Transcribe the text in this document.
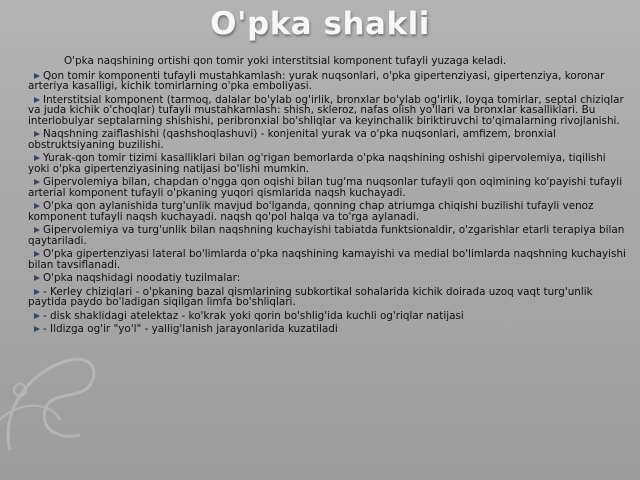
O'pka shakli
O'pka naqshining ortishi qon tomir yoki interstitsial komponent tufayli yuzaga keladi.
Qon tomir komponenti tufayli mustahkamlash: yurak nuqsonlari, o'pka gipertenziyasi, gipertenziya, koronar arteriya kasalligi, kichik tomirlarning o'pka emboliyasi.
Interstitsial komponent (tarmoq, dalalar bo'ylab og'irlik, bronxlar bo'ylab og'irlik, loyqa tomirlar, septal chiziqlar va juda kichik o'choqlar) tufayli mustahkamlash: shish, skleroz, nafas olish yo'llari va bronxlar kasalliklari. Bu interlobulyar septalarning shishishi, peribronxial bo'shliqlar va keyinchalik biriktiruvchi to'qimalarning rivojlanishi.
Naqshning zaiflashishi (qashshoqlashuvi) - konjenital yurak va o'pka nuqsonlari, amfizem, bronxial obstruktsiyaning buzilishi.
Yurak-qon tomir tizimi kasalliklari bilan og'rigan bemorlarda o'pka naqshining oshishi gipervolemiya, tiqilishi yoki o'pka gipertenziyasining natijasi bo'lishi mumkin.
Gipervolemiya bilan, chapdan o'ngga qon oqishi bilan tug'ma nuqsonlar tufayli qon oqimining ko'payishi tufayli arterial komponent tufayli o'pkaning yuqori qismlarida naqsh kuchayadi.
O'pka qon aylanishida turg'unlik mavjud bo'lganda, qonning chap atriumga chiqishi buzilishi tufayli venoz komponent tufayli naqsh kuchayadi. naqsh qo'pol halqa va to'rga aylanadi.
Gipervolemiya va turg'unlik bilan naqshning kuchayishi tabiatda funktsionaldir, o'zgarishlar etarli terapiya bilan qaytariladi.
O'pka gipertenziyasi lateral bo'limlarda o'pka naqshining kamayishi va medial bo'limlarda naqshning kuchayishi bilan tavsiflanadi.
O'pka naqshidagi noodatiy tuzilmalar:
- Kerley chiziqlari - o'pkaning bazal qismlarining subkortikal sohalarida kichik doirada uzoq vaqt turg'unlik paytida paydo bo'ladigan siqilgan limfa bo'shliqlari.
- disk shaklidagi atelektaz - ko'krak yoki qorin bo'shlig'ida kuchli og'riqlar natijasi
- Ildizga og'ir "yo'l" - yallig'lanish jarayonlarida kuzatiladi
